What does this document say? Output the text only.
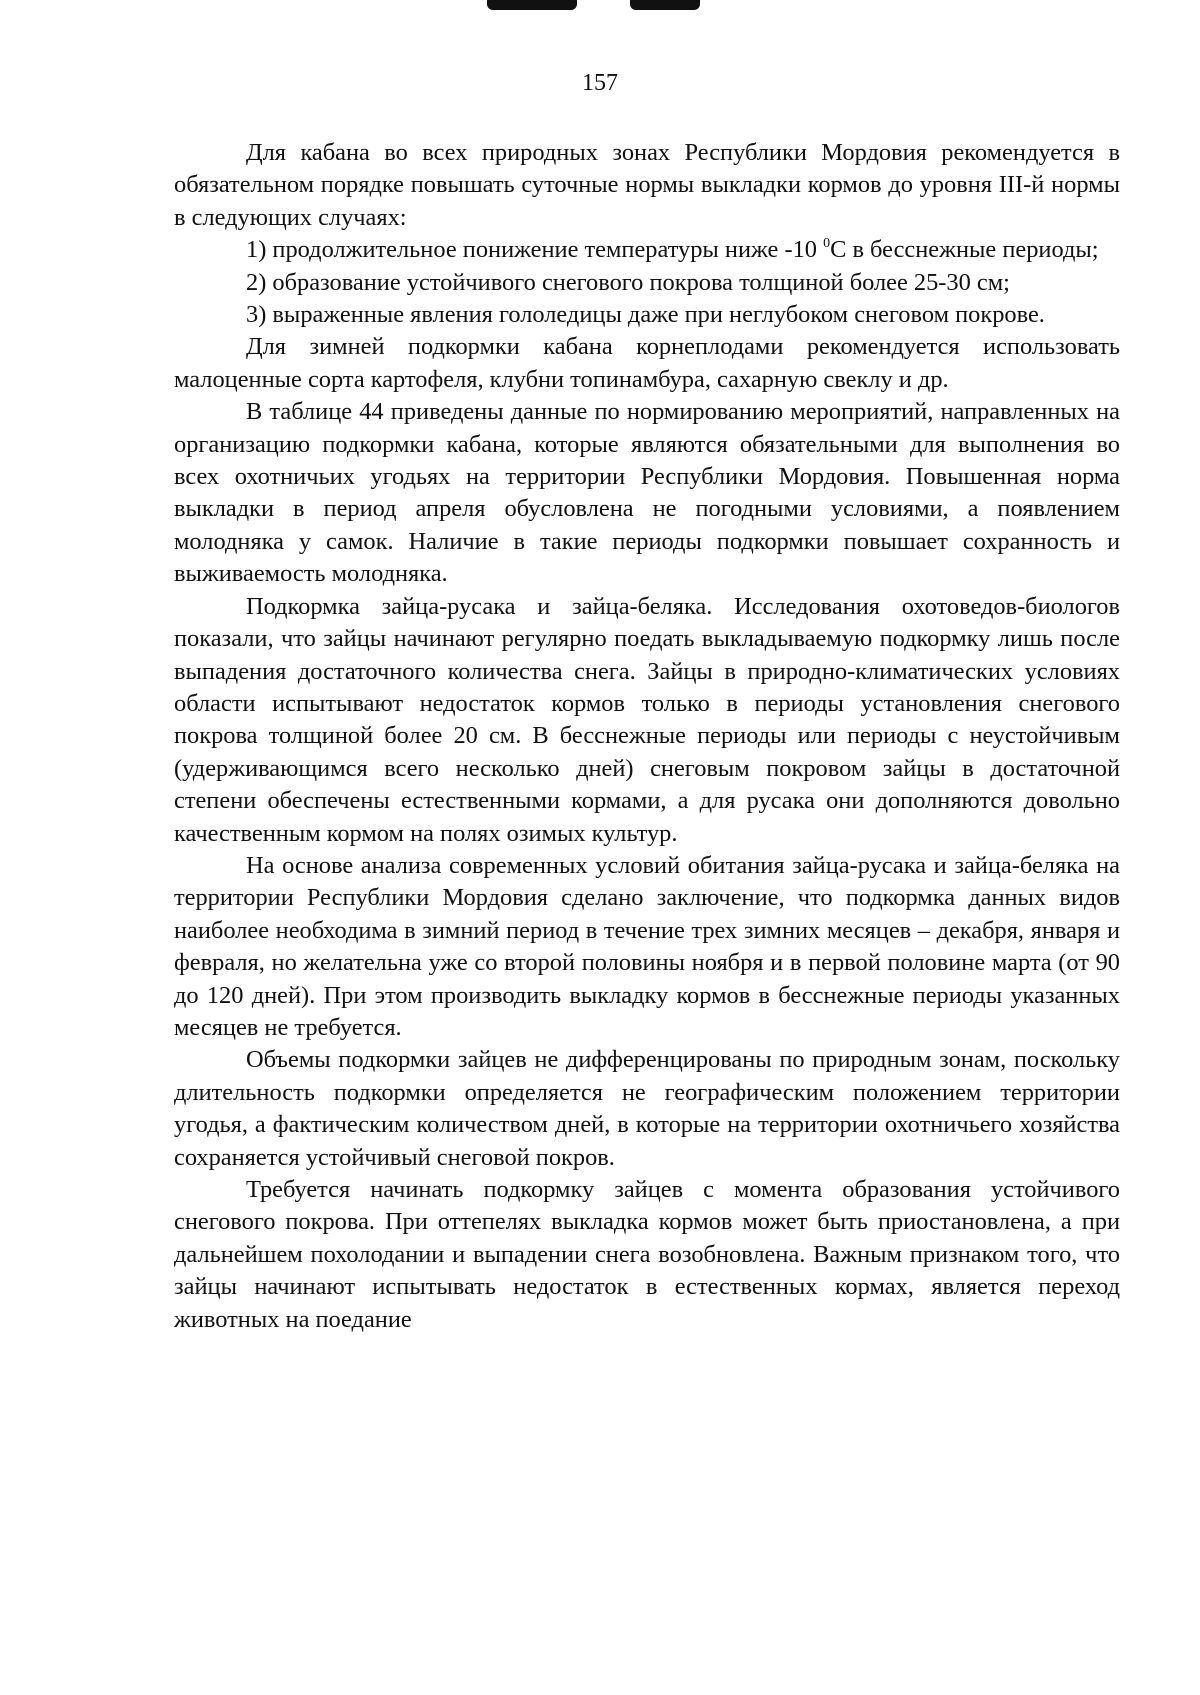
157

Для кабана во всех природных зонах Республики Мордовия рекомендуется в обязательном порядке повышать суточные нормы выкладки кормов до уровня III-й нормы в следующих случаях:

1) продолжительное понижение температуры ниже -10 $^0$С в бесснежные периоды;

2) образование устойчивого снегового покрова толщиной более 25-30 см;

3) выраженные явления гололедицы даже при неглубоком снеговом покрове.

Для зимней подкормки кабана корнеплодами рекомендуется использовать малоценные сорта картофеля, клубни топинамбура, сахарную свеклу и др.

В таблице 44 приведены данные по нормированию мероприятий, направленных на организацию подкормки кабана, которые являются обязательными для выполнения во всех охотничьих угодьях на территории Республики Мордовия. Повышенная норма выкладки в период апреля обусловлена не погодными условиями, а появлением молодняка у самок. Наличие в такие периоды подкормки повышает сохранность и выживаемость молодняка.

Подкормка зайца-русака и зайца-беляка. Исследования охотоведов-биологов показали, что зайцы начинают регулярно поедать выкладываемую подкормку лишь после выпадения достаточного количества снега. Зайцы в природно-климатических условиях области испытывают недостаток кормов только в периоды установления снегового покрова толщиной более 20 см. В бесснежные периоды или периоды с неустойчивым (удерживающимся всего несколько дней) снеговым покровом зайцы в достаточной степени обеспечены естественными кормами, а для русака они дополняются довольно качественным кормом на полях озимых культур.

На основе анализа современных условий обитания зайца-русака и зайца-беляка на территории Республики Мордовия сделано заключение, что подкормка данных видов наиболее необходима в зимний период в течение трех зимних месяцев – декабря, января и февраля, но желательна уже со второй половины ноября и в первой половине марта (от 90 до 120 дней). При этом производить выкладку кормов в бесснежные периоды указанных месяцев не требуется.

Объемы подкормки зайцев не дифференцированы по природным зонам, поскольку длительность подкормки определяется не географическим положением территории угодья, а фактическим количеством дней, в которые на территории охотничьего хозяйства сохраняется устойчивый снеговой покров.

Требуется начинать подкормку зайцев с момента образования устойчивого снегового покрова. При оттепелях выкладка кормов может быть приостановлена, а при дальнейшем похолодании и выпадении снега возобновлена. Важным признаком того, что зайцы начинают испытывать недостаток в естественных кормах, является переход животных на поедание
